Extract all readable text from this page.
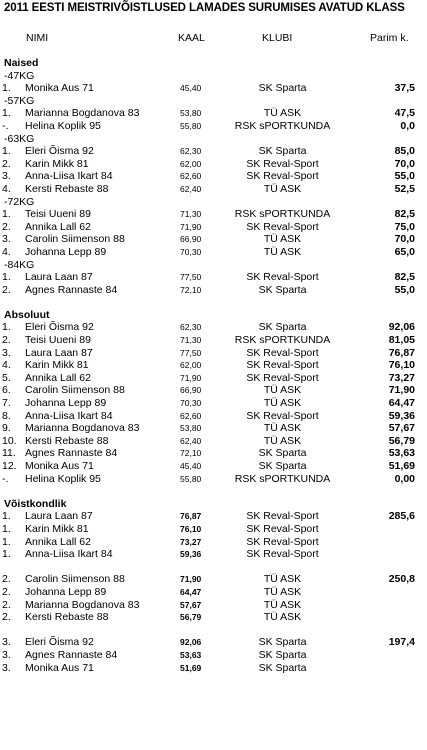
2011 EESTI MEISTRIVÕISTLUSED LAMADES SURUMISES AVATUD KLASS
NIMI	KAAL	KLUBI	Parim k.
Naised
-47KG
1. Monika Aus 71	45,40	SK Sparta	37,5
-57KG
1. Marianna Bogdanova 83	53,80	TÜ ASK	47,5
-. Helina Koplik 95	55,80	RSK sPORTKUNDA	0,0
-63KG
1. Eleri Õisma 92	62,30	SK Sparta	85,0
2. Karin Mikk 81	62,00	SK Reval-Sport	70,0
3. Anna-Liisa Ikart 84	62,60	SK Reval-Sport	55,0
4. Kersti Rebaste 88	62,40	TÜ ASK	52,5
-72KG
1. Teisi Uueni 89	71,30	RSK sPORTKUNDA	82,5
2. Annika Lall 62	71,90	SK Reval-Sport	75,0
3. Carolin Siimenson 88	66,90	TÜ ASK	70,0
4. Johanna Lepp 89	70,30	TÜ ASK	65,0
-84KG
1. Laura Laan 87	77,50	SK Reval-Sport	82,5
2. Agnes Rannaste 84	72,10	SK Sparta	55,0
Absoluut
1. Eleri Õisma 92	62,30	SK Sparta	92,06
2. Teisi Uueni 89	71,30	RSK sPORTKUNDA	81,05
3. Laura Laan 87	77,50	SK Reval-Sport	76,87
4. Karin Mikk 81	62,00	SK Reval-Sport	76,10
5. Annika Lall 62	71,90	SK Reval-Sport	73,27
6. Carolin Siimenson 88	66,90	TÜ ASK	71,90
7. Johanna Lepp 89	70,30	TÜ ASK	64,47
8. Anna-Liisa Ikart 84	62,60	SK Reval-Sport	59,36
9. Marianna Bogdanova 83	53,80	TÜ ASK	57,67
10. Kersti Rebaste 88	62,40	TÜ ASK	56,79
11. Agnes Rannaste 84	72,10	SK Sparta	53,63
12. Monika Aus 71	45,40	SK Sparta	51,69
-. Helina Koplik 95	55,80	RSK sPORTKUNDA	0,00
Võistkondlik
1. Laura Laan 87	76,87	SK Reval-Sport	285,6
1. Karin Mikk 81	76,10	SK Reval-Sport
1. Annika Lall 62	73,27	SK Reval-Sport
1. Anna-Liisa Ikart 84	59,36	SK Reval-Sport
2. Carolin Siimenson 88	71,90	TÜ ASK	250,8
2. Johanna Lepp 89	64,47	TÜ ASK
2. Marianna Bogdanova 83	57,67	TÜ ASK
2. Kersti Rebaste 88	56,79	TÜ ASK
3. Eleri Õisma 92	92,06	SK Sparta	197,4
3. Agnes Rannaste 84	53,63	SK Sparta
3. Monika Aus 71	51,69	SK Sparta
